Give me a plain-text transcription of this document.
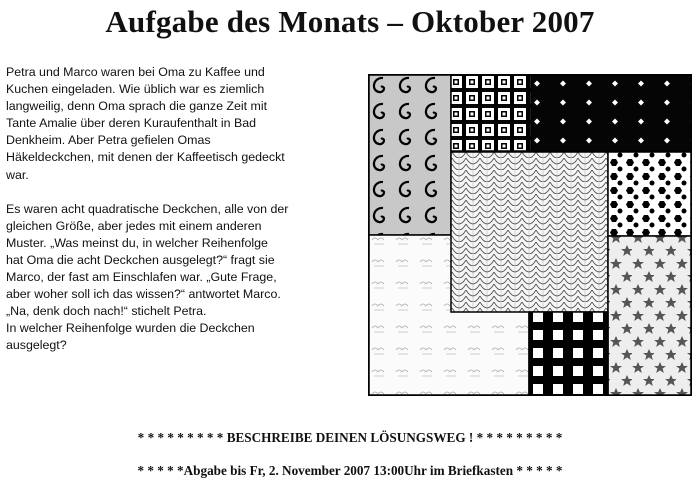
Aufgabe des Monats – Oktober 2007
Petra und Marco waren bei Oma zu Kaffee und
Kuchen eingeladen. Wie üblich war es ziemlich
langweilig, denn Oma sprach die ganze Zeit mit
Tante Amalie über deren Kuraufenthalt in Bad
Denkheim. Aber Petra gefielen Omas
Häkeldeckchen, mit denen der Kaffeetisch gedeckt
war.
Es waren acht quadratische Deckchen, alle von der
gleichen Größe, aber jedes mit einem anderen
Muster. „Was meinst du, in welcher Reihenfolge
hat Oma die acht Deckchen ausgelegt?“ fragt sie
Marco, der fast am Einschlafen war. „Gute Frage,
aber woher soll ich das wissen?“ antwortet Marco.
„Na, denk doch nach!“ stichelt Petra.
In welcher Reihenfolge wurden die Deckchen
ausgelegt?
* * * * * * * * * BESCHREIBE DEINEN LÖSUNGSWEG ! * * * * * * * * *
* * * * *Abgabe bis Fr, 2. November 2007 13:00Uhr im Briefkasten * * * * *
